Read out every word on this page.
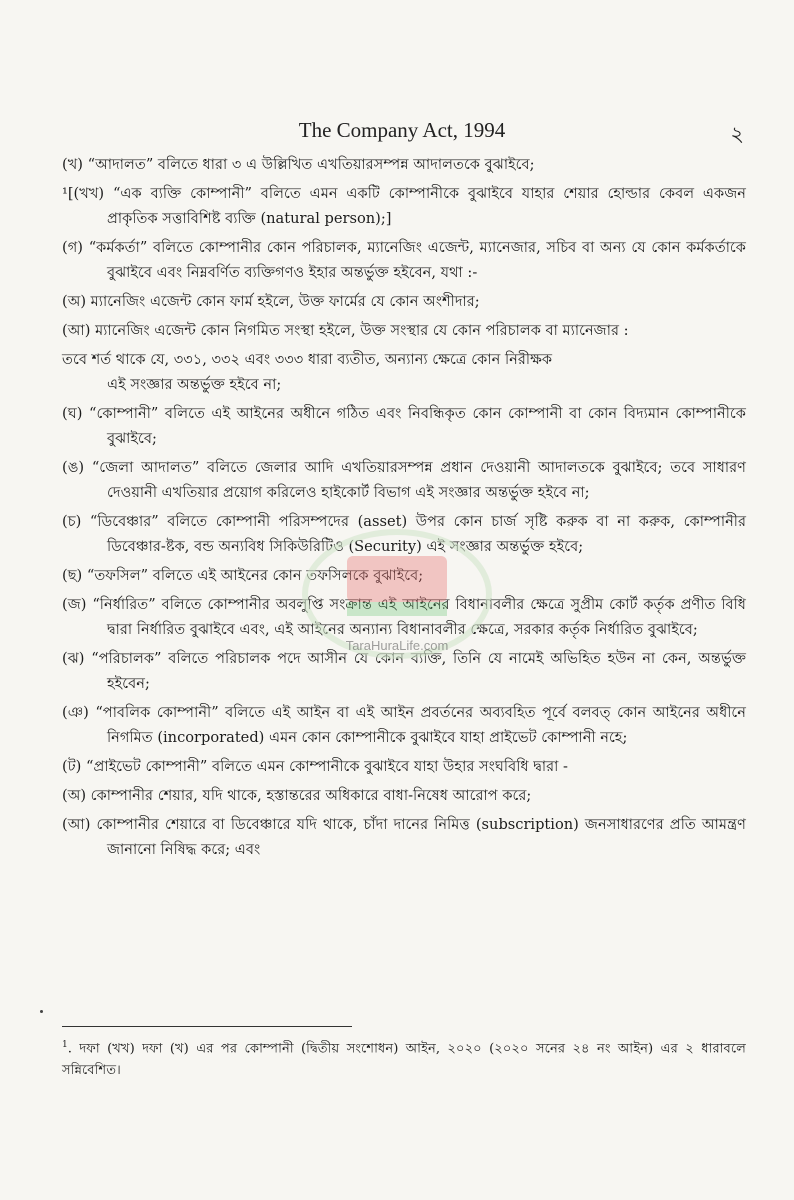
The Company Act, 1994	২
(খ) “আদালত” বলিতে ধারা ৩ এ উল্লিখিত এখতিয়ারসম্পন্ন আদালতকে বুঝাইবে;
¹[(খখ) “এক ব্যক্তি কোম্পানী” বলিতে এমন একটি কোম্পানীকে বুঝাইবে যাহার শেয়ার হোল্ডার কেবল একজন প্রাকৃতিক সত্তাবিশিষ্ট ব্যক্তি (natural person);]
(গ) “কর্মকর্তা” বলিতে কোম্পানীর কোন পরিচালক, ম্যানেজিং এজেন্ট, ম্যানেজার, সচিব বা অন্য যে কোন কর্মকর্তাকে বুঝাইবে এবং নিম্নবর্ণিত ব্যক্তিগণও ইহার অন্তর্ভুক্ত হইবেন, যথা :-
(অ) ম্যানেজিং এজেন্ট কোন ফার্ম হইলে, উক্ত ফার্মের যে কোন অংশীদার;
(আ) ম্যানেজিং এজেন্ট কোন নিগমিত সংস্থা হইলে, উক্ত সংস্থার যে কোন পরিচালক বা ম্যানেজার :
তবে শর্ত থাকে যে, ৩৩১, ৩৩২ এবং ৩৩৩ ধারা ব্যতীত, অন্যান্য ক্ষেত্রে কোন নিরীক্ষক
এই সংজ্ঞার অন্তর্ভুক্ত হইবে না;
(ঘ) “কোম্পানী” বলিতে এই আইনের অধীনে গঠিত এবং নিবন্ধিকৃত কোন কোম্পানী বা কোন বিদ্যমান কোম্পানীকে বুঝাইবে;
(ঙ) “জেলা আদালত” বলিতে জেলার আদি এখতিয়ারসম্পন্ন প্রধান দেওয়ানী আদালতকে বুঝাইবে; তবে সাধারণ দেওয়ানী এখতিয়ার প্রয়োগ করিলেও হাইকোর্ট বিভাগ এই সংজ্ঞার অন্তর্ভুক্ত হইবে না;
(চ) “ডিবেঞ্চার” বলিতে কোম্পানী পরিসম্পদের (asset) উপর কোন চার্জ সৃষ্টি করুক বা না করুক, কোম্পানীর ডিবেঞ্চার-ষ্টক, বন্ড অন্যবিধ সিকিউরিটিও (Security) এই সংজ্ঞার অন্তর্ভুক্ত হইবে;
(ছ) “তফসিল” বলিতে এই আইনের কোন তফসিলকে বুঝাইবে;
(জ) “নির্ধারিত” বলিতে কোম্পানীর অবলুপ্তি সংক্রান্ত এই আইনের বিধানাবলীর ক্ষেত্রে সুপ্রীম কোর্ট কর্তৃক প্রণীত বিধি দ্বারা নির্ধারিত বুঝাইবে এবং, এই আইনের অন্যান্য বিধানাবলীর ক্ষেত্রে, সরকার কর্তৃক নির্ধারিত বুঝাইবে;
(ঝ) “পরিচালক” বলিতে পরিচালক পদে আসীন যে কোন ব্যক্তি, তিনি যে নামেই অভিহিত হউন না কেন, অন্তর্ভুক্ত হইবেন;
(ঞ) “পাবলিক কোম্পানী” বলিতে এই আইন বা এই আইন প্রবর্তনের অব্যবহিত পূর্বে বলবত্ কোন আইনের অধীনে নিগমিত (incorporated) এমন কোন কোম্পানীকে বুঝাইবে যাহা প্রাইভেট কোম্পানী নহে;
(ট) “প্রাইভেট কোম্পানী” বলিতে এমন কোম্পানীকে বুঝাইবে যাহা উহার সংঘবিধি দ্বারা -
(অ) কোম্পানীর শেয়ার, যদি থাকে, হস্তান্তরের অধিকারে বাধা-নিষেধ আরোপ করে;
(আ) কোম্পানীর শেয়ারে বা ডিবেঞ্চারে যদি থাকে, চাঁদা দানের নিমিত্ত (subscription) জনসাধারণের প্রতি আমন্ত্রণ জানানো নিষিদ্ধ করে; এবং
TaraHuraLife.com
$^1$. দফা (খখ) দফা (খ) এর পর কোম্পানী (দ্বিতীয় সংশোধন) আইন, ২০২০ (২০২০ সনের ২৪ নং আইন) এর ২ ধারাবলে সন্নিবেশিত।
